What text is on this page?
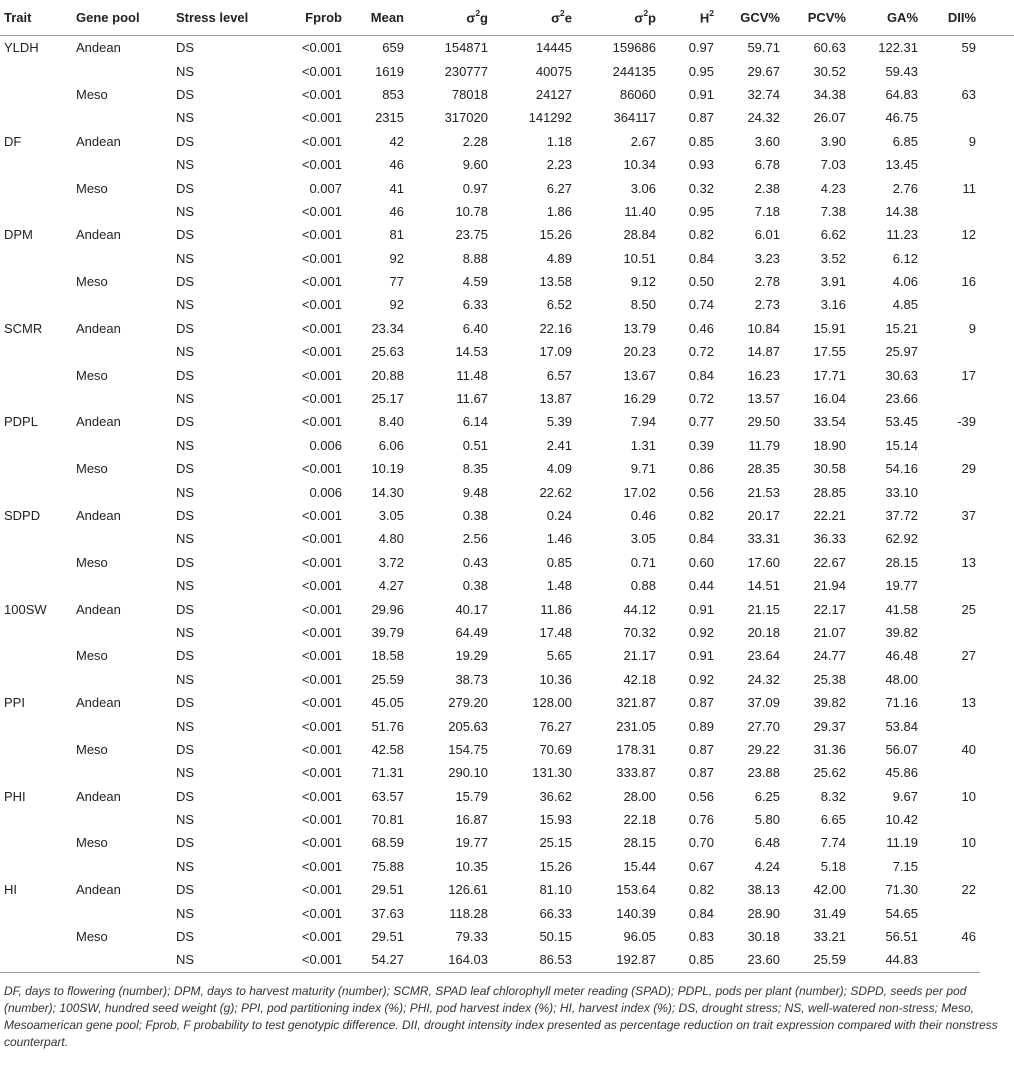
Trait	Gene pool	Stress level	Fprob	Mean	$\sigma^2g$	$\sigma^2e$	$\sigma^2p$	$H^2$	GCV%	PCV%	GA%	DII%
YLDH	Andean	DS	<0.001	659	154871	14445	159686	0.97	59.71	60.63	122.31	59
		NS	<0.001	1619	230777	40075	244135	0.95	29.67	30.52	59.43	
	Meso	DS	<0.001	853	78018	24127	86060	0.91	32.74	34.38	64.83	63
		NS	<0.001	2315	317020	141292	364117	0.87	24.32	26.07	46.75	
DF	Andean	DS	<0.001	42	2.28	1.18	2.67	0.85	3.60	3.90	6.85	9
		NS	<0.001	46	9.60	2.23	10.34	0.93	6.78	7.03	13.45	
	Meso	DS	0.007	41	0.97	6.27	3.06	0.32	2.38	4.23	2.76	11
		NS	<0.001	46	10.78	1.86	11.40	0.95	7.18	7.38	14.38	
DPM	Andean	DS	<0.001	81	23.75	15.26	28.84	0.82	6.01	6.62	11.23	12
		NS	<0.001	92	8.88	4.89	10.51	0.84	3.23	3.52	6.12	
	Meso	DS	<0.001	77	4.59	13.58	9.12	0.50	2.78	3.91	4.06	16
		NS	<0.001	92	6.33	6.52	8.50	0.74	2.73	3.16	4.85	
SCMR	Andean	DS	<0.001	23.34	6.40	22.16	13.79	0.46	10.84	15.91	15.21	9
		NS	<0.001	25.63	14.53	17.09	20.23	0.72	14.87	17.55	25.97	
	Meso	DS	<0.001	20.88	11.48	6.57	13.67	0.84	16.23	17.71	30.63	17
		NS	<0.001	25.17	11.67	13.87	16.29	0.72	13.57	16.04	23.66	
PDPL	Andean	DS	<0.001	8.40	6.14	5.39	7.94	0.77	29.50	33.54	53.45	-39
		NS	0.006	6.06	0.51	2.41	1.31	0.39	11.79	18.90	15.14	
	Meso	DS	<0.001	10.19	8.35	4.09	9.71	0.86	28.35	30.58	54.16	29
		NS	0.006	14.30	9.48	22.62	17.02	0.56	21.53	28.85	33.10	
SDPD	Andean	DS	<0.001	3.05	0.38	0.24	0.46	0.82	20.17	22.21	37.72	37
		NS	<0.001	4.80	2.56	1.46	3.05	0.84	33.31	36.33	62.92	
	Meso	DS	<0.001	3.72	0.43	0.85	0.71	0.60	17.60	22.67	28.15	13
		NS	<0.001	4.27	0.38	1.48	0.88	0.44	14.51	21.94	19.77	
100SW	Andean	DS	<0.001	29.96	40.17	11.86	44.12	0.91	21.15	22.17	41.58	25
		NS	<0.001	39.79	64.49	17.48	70.32	0.92	20.18	21.07	39.82	
	Meso	DS	<0.001	18.58	19.29	5.65	21.17	0.91	23.64	24.77	46.48	27
		NS	<0.001	25.59	38.73	10.36	42.18	0.92	24.32	25.38	48.00	
PPI	Andean	DS	<0.001	45.05	279.20	128.00	321.87	0.87	37.09	39.82	71.16	13
		NS	<0.001	51.76	205.63	76.27	231.05	0.89	27.70	29.37	53.84	
	Meso	DS	<0.001	42.58	154.75	70.69	178.31	0.87	29.22	31.36	56.07	40
		NS	<0.001	71.31	290.10	131.30	333.87	0.87	23.88	25.62	45.86	
PHI	Andean	DS	<0.001	63.57	15.79	36.62	28.00	0.56	6.25	8.32	9.67	10
		NS	<0.001	70.81	16.87	15.93	22.18	0.76	5.80	6.65	10.42	
	Meso	DS	<0.001	68.59	19.77	25.15	28.15	0.70	6.48	7.74	11.19	10
		NS	<0.001	75.88	10.35	15.26	15.44	0.67	4.24	5.18	7.15	
HI	Andean	DS	<0.001	29.51	126.61	81.10	153.64	0.82	38.13	42.00	71.30	22
		NS	<0.001	37.63	118.28	66.33	140.39	0.84	28.90	31.49	54.65	
	Meso	DS	<0.001	29.51	79.33	50.15	96.05	0.83	30.18	33.21	56.51	46
		NS	<0.001	54.27	164.03	86.53	192.87	0.85	23.60	25.59	44.83	

DF, days to flowering (number); DPM, days to harvest maturity (number); SCMR, SPAD leaf chlorophyll meter reading (SPAD); PDPL, pods per plant (number); SDPD, seeds per pod (number); 100SW, hundred seed weight (g); PPI, pod partitioning index (%); PHI, pod harvest index (%); HI, harvest index (%); DS, drought stress; NS, well-watered non-stress; Meso, Mesoamerican gene pool; Fprob, F probability to test genotypic difference. DII, drought intensity index presented as percentage reduction on trait expression compared with their nonstress counterpart.
